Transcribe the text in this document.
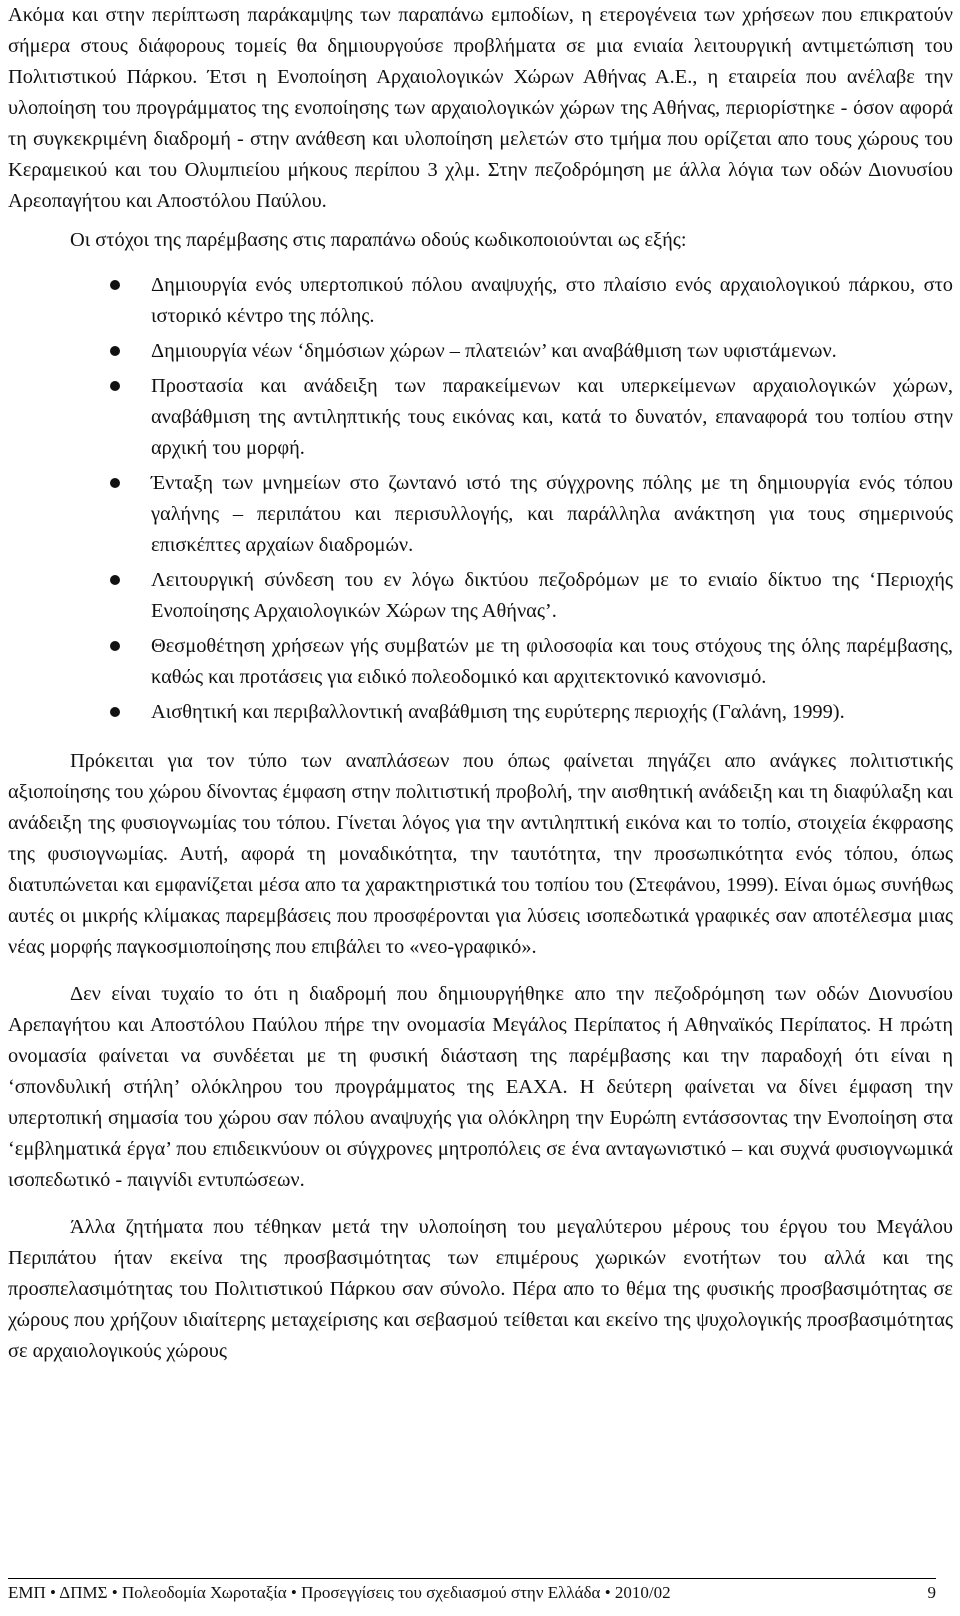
Ακόμα και στην περίπτωση παράκαμψης των παραπάνω εμποδίων, η ετερογένεια των χρήσεων που επικρατούν σήμερα στους διάφορους τομείς θα δημιουργούσε προβλήματα σε μια ενιαία λειτουργική αντιμετώπιση του Πολιτιστικού Πάρκου. Έτσι η Ενοποίηση Αρχαιολογικών Χώρων Αθήνας Α.Ε., η εταιρεία που ανέλαβε την υλοποίηση του προγράμματος της ενοποίησης των αρχαιολογικών χώρων της Αθήνας, περιορίστηκε - όσον αφορά τη συγκεκριμένη διαδρομή - στην ανάθεση και υλοποίηση μελετών στο τμήμα που ορίζεται απο τους χώρους του Κεραμεικού και του Ολυμπιείου μήκους περίπου 3 χλμ. Στην πεζοδρόμηση με άλλα λόγια των οδών Διονυσίου Αρεοπαγήτου και Αποστόλου Παύλου.

Οι στόχοι της παρέμβασης στις παραπάνω οδούς κωδικοποιούνται ως εξής:

Δημιουργία ενός υπερτοπικού πόλου αναψυχής, στο πλαίσιο ενός αρχαιολογικού πάρκου, στο ιστορικό κέντρο της πόλης.
Δημιουργία νέων ‘δημόσιων χώρων – πλατειών’ και αναβάθμιση των υφιστάμενων.
Προστασία και ανάδειξη των παρακείμενων και υπερκείμενων αρχαιολογικών χώρων, αναβάθμιση της αντιληπτικής τους εικόνας και, κατά το δυνατόν, επαναφορά του τοπίου στην αρχική του μορφή.
Ένταξη των μνημείων στο ζωντανό ιστό της σύγχρονης πόλης με τη δημιουργία ενός τόπου γαλήνης – περιπάτου και περισυλλογής, και παράλληλα ανάκτηση για τους σημερινούς επισκέπτες αρχαίων διαδρομών.
Λειτουργική σύνδεση του εν λόγω δικτύου πεζοδρόμων με το ενιαίο δίκτυο της ‘Περιοχής Ενοποίησης Αρχαιολογικών Χώρων της Αθήνας’.
Θεσμοθέτηση χρήσεων γής συμβατών με τη φιλοσοφία και τους στόχους της όλης παρέμβασης, καθώς και προτάσεις για ειδικό πολεοδομικό και αρχιτεκτονικό κανονισμό.
Αισθητική και περιβαλλοντική αναβάθμιση της ευρύτερης περιοχής (Γαλάνη, 1999).

Πρόκειται για τον τύπο των αναπλάσεων που όπως φαίνεται πηγάζει απο ανάγκες πολιτιστικής αξιοποίησης του χώρου δίνοντας έμφαση στην πολιτιστική προβολή, την αισθητική ανάδειξη και τη διαφύλαξη και ανάδειξη της φυσιογνωμίας του τόπου. Γίνεται λόγος για την αντιληπτική εικόνα και το τοπίο, στοιχεία έκφρασης της φυσιογνωμίας. Αυτή, αφορά τη μοναδικότητα, την ταυτότητα, την προσωπικότητα ενός τόπου, όπως διατυπώνεται και εμφανίζεται μέσα απο τα χαρακτηριστικά του τοπίου του (Στεφάνου, 1999). Είναι όμως συνήθως αυτές οι μικρής κλίμακας παρεμβάσεις που προσφέρονται για λύσεις ισοπεδωτικά γραφικές σαν αποτέλεσμα μιας νέας μορφής παγκοσμιοποίησης που επιβάλει το «νεο-γραφικό».

Δεν είναι τυχαίο το ότι η διαδρομή που δημιουργήθηκε απο την πεζοδρόμηση των οδών Διονυσίου Αρεπαγήτου και Αποστόλου Παύλου πήρε την ονομασία Μεγάλος Περίπατος ή Αθηναϊκός Περίπατος. Η πρώτη ονομασία φαίνεται να συνδέεται με τη φυσική διάσταση της παρέμβασης και την παραδοχή ότι είναι η ‘σπονδυλική στήλη’ ολόκληρου του προγράμματος της ΕΑΧΑ. Η δεύτερη φαίνεται να δίνει έμφαση την υπερτοπική σημασία του χώρου σαν πόλου αναψυχής για ολόκληρη την Ευρώπη εντάσσοντας την Ενοποίηση στα ‘εμβληματικά έργα’ που επιδεικνύουν οι σύγχρονες μητροπόλεις σε ένα ανταγωνιστικό – και συχνά φυσιογνωμικά ισοπεδωτικό - παιγνίδι εντυπώσεων.

Άλλα ζητήματα που τέθηκαν μετά την υλοποίηση του μεγαλύτερου μέρους του έργου του Μεγάλου Περιπάτου ήταν εκείνα της προσβασιμότητας των επιμέρους χωρικών ενοτήτων του αλλά και της προσπελασιμότητας του Πολιτιστικού Πάρκου σαν σύνολο. Πέρα απο το θέμα της φυσικής προσβασιμότητας σε χώρους που χρήζουν ιδιαίτερης μεταχείρισης και σεβασμού τείθεται και εκείνο της ψυχολογικής προσβασιμότητας σε αρχαιολογικούς χώρους

ΕΜΠ • ΔΠΜΣ • Πολεοδομία Χωροταξία • Προσεγγίσεις του σχεδιασμού στην Ελλάδα • 2010/02	9
